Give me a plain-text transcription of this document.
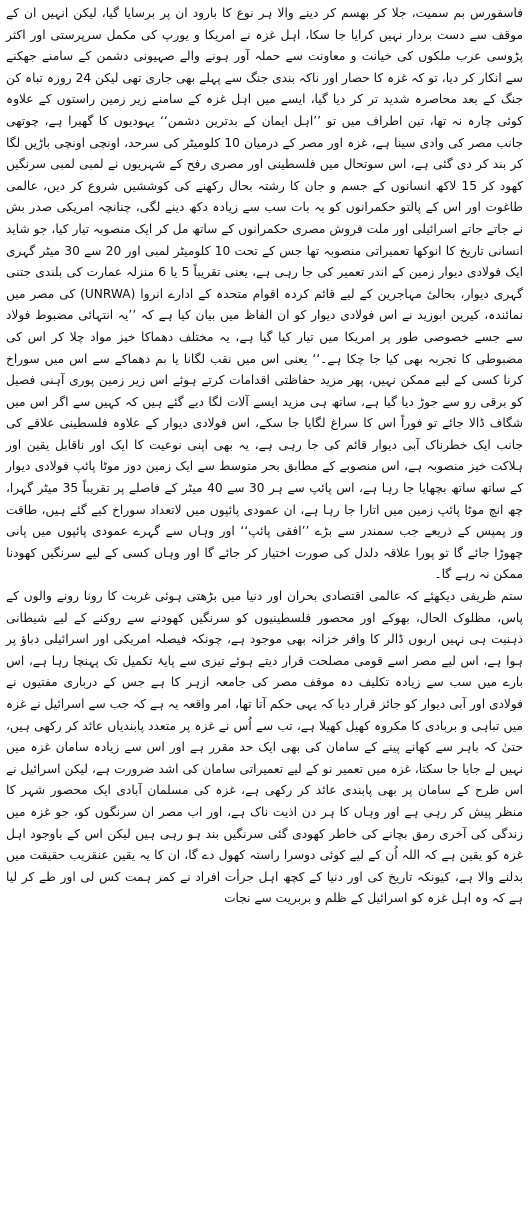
فاسفورس بم سمیت، جلا کر بھسم کر دینے والا ہر نوع کا بارود ان پر برسایا گیا، لیکن انہیں ان کے موقف سے دست بردار نہیں کرایا جا سکا، اہل غزہ نے امریکا و یورپ کی مکمل سرپرستی اور اکثر پڑوسی عرب ملکوں کی خیانت و معاونت سے حملہ آور ہونے والے صہیونی دشمن کے سامنے جھکنے سے انکار کر دیا، تو کہ غزہ کا حصار اور ناکہ بندی جنگ سے پہلے بھی جاری تھی لیکن 24 روزہ تباہ کن جنگ کے بعد محاصرہ شدید تر کر دیا گیا، ایسے میں اہل غزہ کے سامنے زیر زمین راستوں کے علاوہ کوئی چارہ نہ تھا، تین اطراف میں تو ’’اہل ایمان کے بدترین دشمن‘‘ یہودیوں کا گھیرا ہے، چوتھی جانب مصر کی وادی سینا ہے، غزہ اور مصر کے درمیان 10 کلومیٹر کی سرحد، اونچی اونچی باڑیں لگا کر بند کر دی گئی ہے، اس سوتحال میں فلسطینی اور مصری رفح کے شہریوں نے لمبی لمبی سرنگیں کھود کر 15 لاکھ انسانوں کے جسم و جان کا رشتہ بحال رکھنے کی کوششیں شروع کر دیں، عالمی طاغوت اور اس کے پالتو حکمرانوں کو یہ بات سب سے زیادہ دکھ دینے لگی، چنانچہ امریکی صدر بش نے جاتے جاتے اسرائیلی اور ملت فروش مصری حکمرانوں کے ساتھ مل کر ایک منصوبہ تیار کیا، جو شاید انسانی تاریخ کا انوکھا تعمیراتی منصوبہ تھا جس کے تحت 10 کلومیٹر لمبی اور 20 سے 30 میٹر گہری ایک فولادی دیوار زمین کے اندر تعمیر کی جا رہی ہے، یعنی تقریباً 5 یا 6 منزلہ عمارت کی بلندی جتنی گہری دیوار، بحالیٔ مہاجرین کے لیے قائم کردہ اقوام متحدہ کے ادارے انروا (UNRWA) کی مصر میں نمائندہ، کیرین ابوزید نے اس فولادی دیوار کو ان الفاظ میں بیان کیا ہے کہ ’’یہ انتہائی مضبوط فولاد سے جسے خصوصی طور پر امریکا میں تیار کیا گیا ہے، یہ مختلف دھماکا خیز مواد چلا کر اس کی مضبوطی کا تجربہ بھی کیا جا چکا ہے۔‘‘ یعنی اس میں نقب لگانا یا بم دھماکے سے اس میں سوراخ کرنا کسی کے لیے ممکن نہیں، پھر مزید حفاظتی اقدامات کرتے ہوئے اس زیر زمین پوری آہنی فصیل کو برقی رو سے جوڑ دیا گیا ہے، ساتھ ہی مزید ایسے آلات لگا دیے گئے ہیں کہ کہیں سے اگر اس میں شگاف ڈالا جائے تو فوراً اس کا سراغ لگایا جا سکے، اس فولادی دیوار کے علاوہ فلسطینی علاقے کی جانب ایک خطرناک آبی دیوار قائم کی جا رہی ہے، یہ بھی اپنی نوعیت کا ایک اور ناقابل یقین اور ہلاکت خیز منصوبہ ہے، اس منصوبے کے مطابق بحر متوسط سے ایک زمین دوز موٹا پائپ فولادی دیوار کے ساتھ ساتھ بچھایا جا رہا ہے، اس پائپ سے ہر 30 سے 40 میٹر کے فاصلے پر تقریباً 35 میٹر گہرا، چھ انچ موٹا پائپ زمین میں اتارا جا رہا ہے، ان عمودی پائپوں میں لاتعداد سوراخ کیے گئے ہیں، طاقت ور پمپس کے ذریعے جب سمندر سے بڑے ’’افقی پائپ‘‘ اور وہاں سے گہرے عمودی پائپوں میں پانی چھوڑا جائے گا تو پورا علاقہ دلدل کی صورت اختیار کر جائے گا اور وہاں کسی کے لیے سرنگیں کھودنا ممکن نہ رہے گا۔

ستم ظریفی دیکھئے کہ عالمی اقتصادی بحران اور دنیا میں بڑھتی ہوئی غربت کا رونا رونے والوں کے پاس، مظلوک الحال، بھوکے اور محصور فلسطینیوں کو سرنگیں کھودنے سے روکنے کے لیے شیطانی ذہنیت ہی نہیں اربوں ڈالر کا وافر خزانہ بھی موجود ہے، چونکہ فیصلہ امریکی اور اسرائیلی دباؤ پر ہوا ہے، اس لیے مصر اسے قومی مصلحت قرار دیتے ہوئے تیزی سے پایۂ تکمیل تک پہنچا رہا ہے، اس بارے میں سب سے زیادہ تکلیف دہ موقف مصر کی جامعہ ازہر کا ہے جس کے درباری مفتیوں نے فولادی اور آبی دیوار کو جائز قرار دیا کہ یہی حکم آتا تھا، امر واقعہ یہ ہے کہ جب سے اسرائیل نے غزہ میں تباہی و بربادی کا مکروہ کھیل کھیلا ہے، تب سے اُس نے غزہ پر متعدد پابندیاں عائد کر رکھی ہیں، حتیٰ کہ باہر سے کھانے پینے کے سامان کی بھی ایک حد مقرر ہے اور اس سے زیادہ سامان غزہ میں نہیں لے جایا جا سکتا، غزہ میں تعمیر نو کے لیے تعمیراتی سامان کی اشد ضرورت ہے، لیکن اسرائیل نے اس طرح کے سامان پر بھی پابندی عائد کر رکھی ہے، غزہ کی مسلمان آبادی ایک محصور شہر کا منظر پیش کر رہی ہے اور وہاں کا ہر دن اذیت ناک ہے، اور اب مصر ان سرنگوں کو، جو غزہ میں زندگی کی آخری رمق بچانے کی خاطر کھودی گئی سرنگیں بند ہو رہی ہیں لیکن اس کے باوجود اہل غزہ کو یقین ہے کہ اللہ اُن کے لیے کوئی دوسرا راستہ کھول دے گا، ان کا یہ یقین عنقریب حقیقت میں بدلنے والا ہے، کیونکہ تاریخ کی اور دنیا کے کچھ اہل جرأت افراد نے کمر ہمت کس لی اور طے کر لیا ہے کہ وہ اہل غزہ کو اسرائیل کے ظلم و بربریت سے نجات
